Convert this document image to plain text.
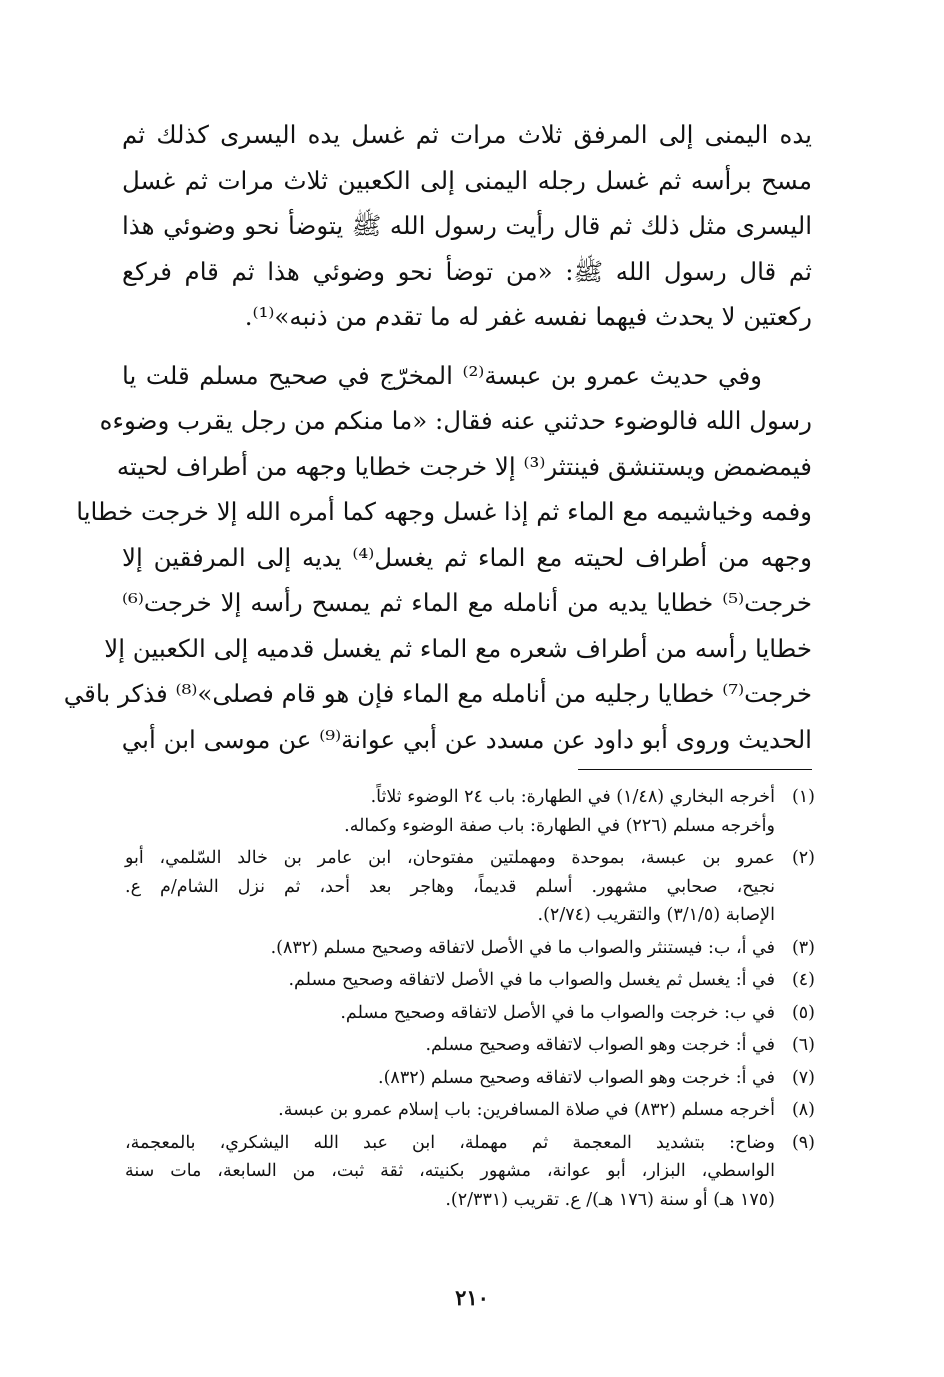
يده اليمنى إلى المرفق ثلاث مرات ثم غسل يده اليسرى كذلك ثم
مسح برأسه ثم غسل رجله اليمنى إلى الكعبين ثلاث مرات ثم غسل
اليسرى مثل ذلك ثم قال رأيت رسول الله ﷺ يتوضأ نحو وضوئي هذا
ثم قال رسول الله ﷺ: «من توضأ نحو وضوئي هذا ثم قام فركع
ركعتين لا يحدث فيهما نفسه غفر له ما تقدم من ذنبه»⁽¹⁾.
وفي حديث عمرو بن عبسة⁽²⁾ المخرّج في صحيح مسلم قلت يا
رسول الله فالوضوء حدثني عنه فقال: «ما منكم من رجل يقرب وضوءه
فيمضمض ويستنشق فينتثر⁽³⁾ إلا خرجت خطايا وجهه من أطراف لحيته
وفمه وخياشيمه مع الماء ثم إذا غسل وجهه كما أمره الله إلا خرجت خطايا
وجهه من أطراف لحيته مع الماء ثم يغسل⁽⁴⁾ يديه إلى المرفقين إلا
خرجت⁽⁵⁾ خطايا يديه من أنامله مع الماء ثم يمسح رأسه إلا خرجت⁽⁶⁾
خطايا رأسه من أطراف شعره مع الماء ثم يغسل قدميه إلى الكعبين إلا
خرجت⁽⁷⁾ خطايا رجليه من أنامله مع الماء فإن هو قام فصلى»⁽⁸⁾ فذكر باقي
الحديث وروى أبو داود عن مسدد عن أبي عوانة⁽⁹⁾ عن موسى ابن أبي
(١)
أخرجه البخاري (١/٤٨) في الطهارة: باب ٢٤ الوضوء ثلاثاً.
وأخرجه مسلم (٢٢٦) في الطهارة: باب صفة الوضوء وكماله.
(٢)
عمرو بن عبسة، بموحدة ومهملتين مفتوحان، ابن عامر بن خالد السّلمي، أبو
نجيح، صحابي مشهور. أسلم قديماً، وهاجر بعد أحد، ثم نزل الشام/م ع.
الإصابة (٣/١/٥) والتقريب (٢/٧٤).
(٣)
في أ، ب: فيستنثر والصواب ما في الأصل لاتفاقه وصحيح مسلم (٨٣٢).
(٤)
في أ: يغسل ثم يغسل والصواب ما في الأصل لاتفاقه وصحيح مسلم.
(٥)
في ب: خرجت والصواب ما في الأصل لاتفاقه وصحيح مسلم.
(٦)
في أ: خرجت وهو الصواب لاتفاقه وصحيح مسلم.
(٧)
في أ: خرجت وهو الصواب لاتفاقه وصحيح مسلم (٨٣٢).
(٨)
أخرجه مسلم (٨٣٢) في صلاة المسافرين: باب إسلام عمرو بن عبسة.
(٩)
وضاح: بتشديد المعجمة ثم مهملة، ابن عبد الله اليشكري، بالمعجمة،
الواسطي، البزار، أبو عوانة، مشهور بكنيته، ثقة ثبت، من السابعة، مات سنة
(١٧٥ هـ) أو سنة (١٧٦ هـ)/ ع. تقريب (٢/٣٣١).
٢١٠
